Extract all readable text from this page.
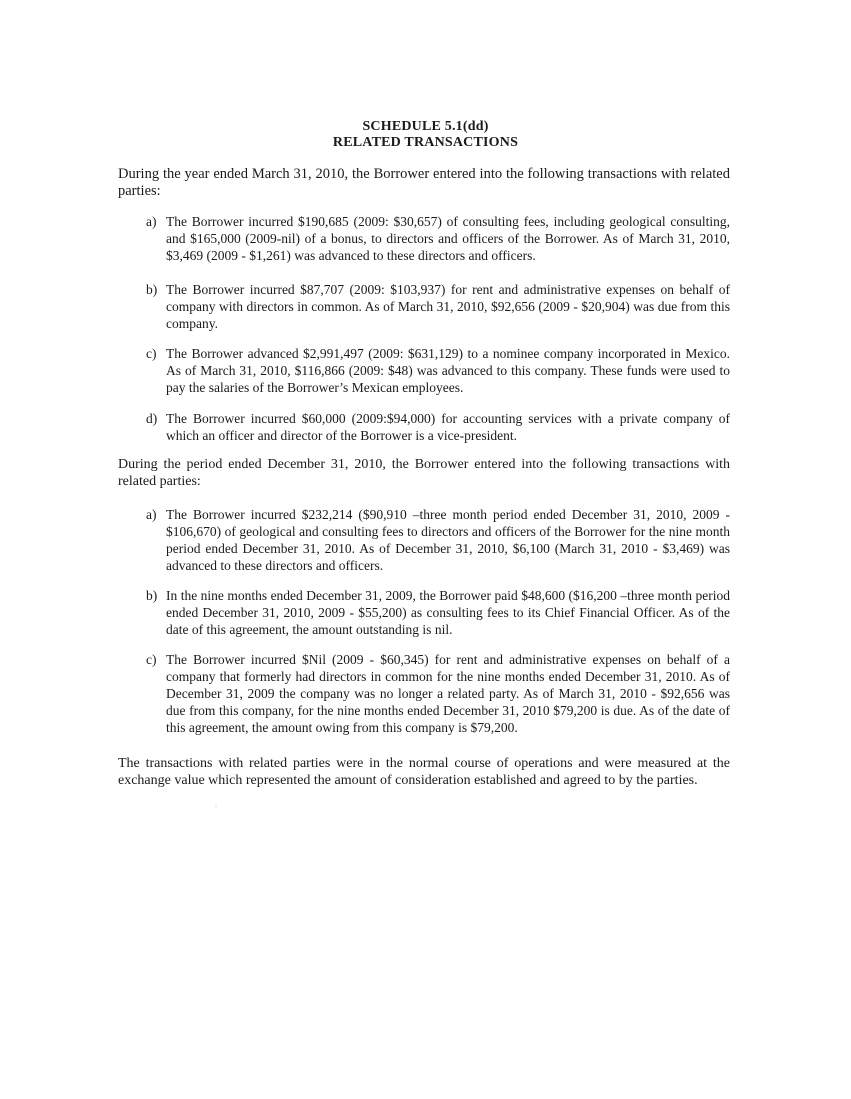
SCHEDULE 5.1(dd)
RELATED TRANSACTIONS
During the year ended March 31, 2010, the Borrower entered into the following transactions with related parties:
a) The Borrower incurred $190,685 (2009: $30,657) of consulting fees, including geological consulting, and $165,000 (2009-nil) of a bonus, to directors and officers of the Borrower. As of March 31, 2010, $3,469 (2009 - $1,261) was advanced to these directors and officers.
b) The Borrower incurred $87,707 (2009: $103,937) for rent and administrative expenses on behalf of company with directors in common. As of March 31, 2010, $92,656 (2009 - $20,904) was due from this company.
c) The Borrower advanced $2,991,497 (2009: $631,129) to a nominee company incorporated in Mexico. As of March 31, 2010, $116,866 (2009: $48) was advanced to this company. These funds were used to pay the salaries of the Borrower’s Mexican employees.
d) The Borrower incurred $60,000 (2009:$94,000) for accounting services with a private company of which an officer and director of the Borrower is a vice-president.
During the period ended December 31, 2010, the Borrower entered into the following transactions with related parties:
a) The Borrower incurred $232,214 ($90,910 –three month period ended December 31, 2010, 2009 - $106,670) of geological and consulting fees to directors and officers of the Borrower for the nine month period ended December 31, 2010. As of December 31, 2010, $6,100 (March 31, 2010 - $3,469) was advanced to these directors and officers.
b) In the nine months ended December 31, 2009, the Borrower paid $48,600 ($16,200 –three month period ended December 31, 2010, 2009 - $55,200) as consulting fees to its Chief Financial Officer. As of the date of this agreement, the amount outstanding is nil.
c) The Borrower incurred $Nil (2009 - $60,345) for rent and administrative expenses on behalf of a company that formerly had directors in common for the nine months ended December 31, 2010. As of December 31, 2009 the company was no longer a related party. As of March 31, 2010 - $92,656 was due from this company, for the nine months ended December 31, 2010 $79,200 is due. As of the date of this agreement, the amount owing from this company is $79,200.
The transactions with related parties were in the normal course of operations and were measured at the exchange value which represented the amount of consideration established and agreed to by the parties.
